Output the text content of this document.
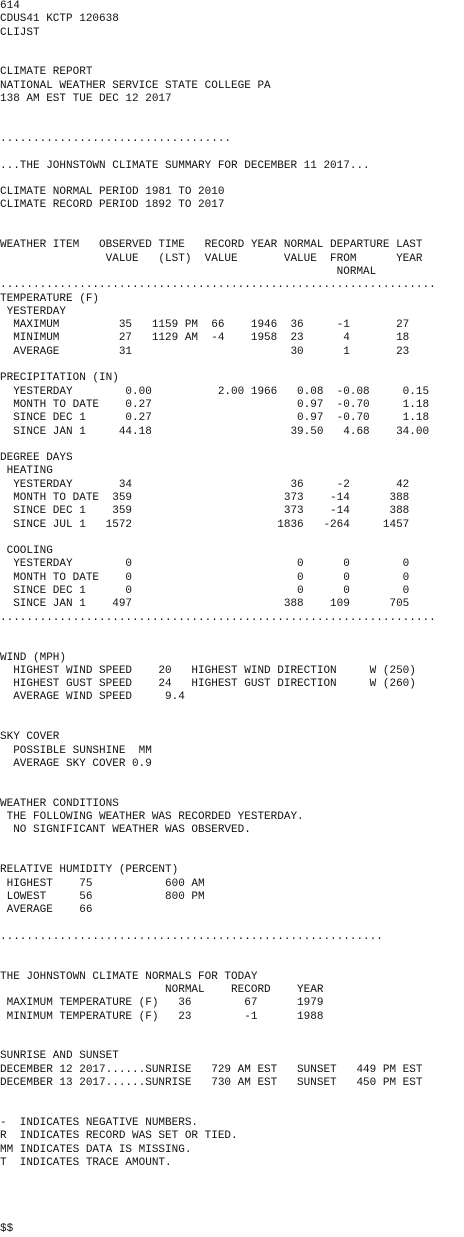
614
CDUS41 KCTP 120638
CLIJST
CLIMATE REPORT
NATIONAL WEATHER SERVICE STATE COLLEGE PA
138 AM EST TUE DEC 12 2017
...................................
...THE JOHNSTOWN CLIMATE SUMMARY FOR DECEMBER 11 2017...
CLIMATE NORMAL PERIOD 1981 TO 2010
CLIMATE RECORD PERIOD 1892 TO 2017
WEATHER ITEM   OBSERVED TIME   RECORD YEAR NORMAL DEPARTURE LAST
VALUE   (LST)  VALUE       VALUE  FROM      YEAR
NORMAL
..................................................................
TEMPERATURE (F)
YESTERDAY
MAXIMUM         35   1159 PM  66    1946  36     -1       27
MINIMUM         27   1129 AM  -4    1958  23      4       18
AVERAGE         31                        30      1       23
PRECIPITATION (IN)
YESTERDAY        0.00          2.00 1966   0.08  -0.08     0.15
MONTH TO DATE    0.27                      0.97  -0.70     1.18
SINCE DEC 1      0.27                      0.97  -0.70     1.18
SINCE JAN 1     44.18                     39.50   4.68    34.00
DEGREE DAYS
HEATING
YESTERDAY       34                        36     -2       42
MONTH TO DATE  359                       373    -14      388
SINCE DEC 1    359                       373    -14      388
SINCE JUL 1   1572                      1836   -264     1457
COOLING
YESTERDAY        0                         0      0        0
MONTH TO DATE    0                         0      0        0
SINCE DEC 1      0                         0      0        0
SINCE JAN 1    497                       388    109      705
..................................................................
WIND (MPH)
HIGHEST WIND SPEED    20   HIGHEST WIND DIRECTION     W (250)
HIGHEST GUST SPEED    24   HIGHEST GUST DIRECTION     W (260)
AVERAGE WIND SPEED     9.4
SKY COVER
POSSIBLE SUNSHINE  MM
AVERAGE SKY COVER 0.9
WEATHER CONDITIONS
THE FOLLOWING WEATHER WAS RECORDED YESTERDAY.
NO SIGNIFICANT WEATHER WAS OBSERVED.
RELATIVE HUMIDITY (PERCENT)
HIGHEST    75           600 AM
LOWEST     56           800 PM
AVERAGE    66
..........................................................
THE JOHNSTOWN CLIMATE NORMALS FOR TODAY
NORMAL    RECORD    YEAR
MAXIMUM TEMPERATURE (F)   36        67      1979
MINIMUM TEMPERATURE (F)   23        -1      1988
SUNRISE AND SUNSET
DECEMBER 12 2017......SUNRISE   729 AM EST   SUNSET   449 PM EST
DECEMBER 13 2017......SUNRISE   730 AM EST   SUNSET   450 PM EST
-  INDICATES NEGATIVE NUMBERS.
R  INDICATES RECORD WAS SET OR TIED.
MM INDICATES DATA IS MISSING.
T  INDICATES TRACE AMOUNT.
$$
